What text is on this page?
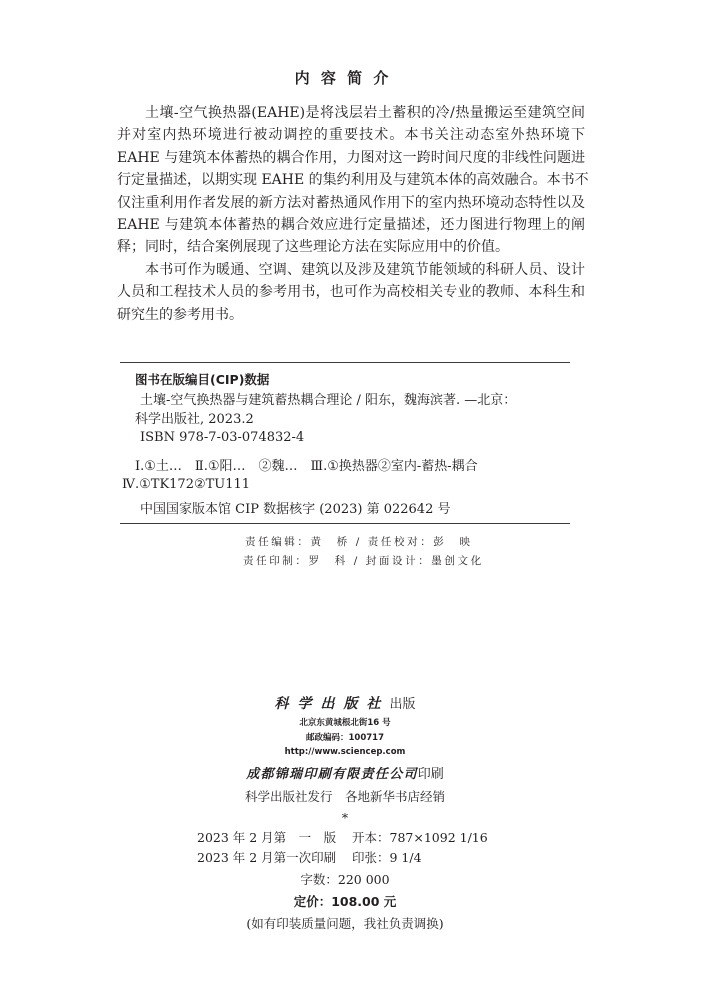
内 容 简 介
土壤-空气换热器(EAHE)是将浅层岩土蓄积的冷/热量搬运至建筑空间
并对室内热环境进行被动调控的重要技术。本书关注动态室外热环境下
EAHE 与建筑本体蓄热的耦合作用，力图对这一跨时间尺度的非线性问题进
行定量描述，以期实现 EAHE 的集约利用及与建筑本体的高效融合。本书不
仅注重利用作者发展的新方法对蓄热通风作用下的室内热环境动态特性以及
EAHE 与建筑本体蓄热的耦合效应进行定量描述，还力图进行物理上的阐
释；同时，结合案例展现了这些理论方法在实际应用中的价值。
本书可作为暖通、空调、建筑以及涉及建筑节能领域的科研人员、设计
人员和工程技术人员的参考用书，也可作为高校相关专业的教师、本科生和
研究生的参考用书。
图书在版编目(CIP)数据
土壤-空气换热器与建筑蓄热耦合理论 / 阳东，魏海滨著. —北京：
科学出版社, 2023.2
ISBN 978-7-03-074832-4
Ⅰ.①土…　Ⅱ.①阳…　②魏…　Ⅲ.①换热器②室内-蓄热-耦合
Ⅳ.①TK172②TU111
中国国家版本馆 CIP 数据核字 (2023) 第 022642 号
责任编辑：黄　桥 / 责任校对：彭　映
责任印制：罗　科 / 封面设计：墨创文化
科学出版社出版
北京东黄城根北街16 号
邮政编码：100717
http://www.sciencep.com
成都锦瑞印刷有限责任公司印刷
科学出版社发行　各地新华书店经销
*
2023 年 2 月第　一　版 开本：787×1092 1/16
2023 年 2 月第一次印刷 印张：9 1/4
字数：220 000
定价：108.00 元
(如有印装质量问题，我社负责调换)
